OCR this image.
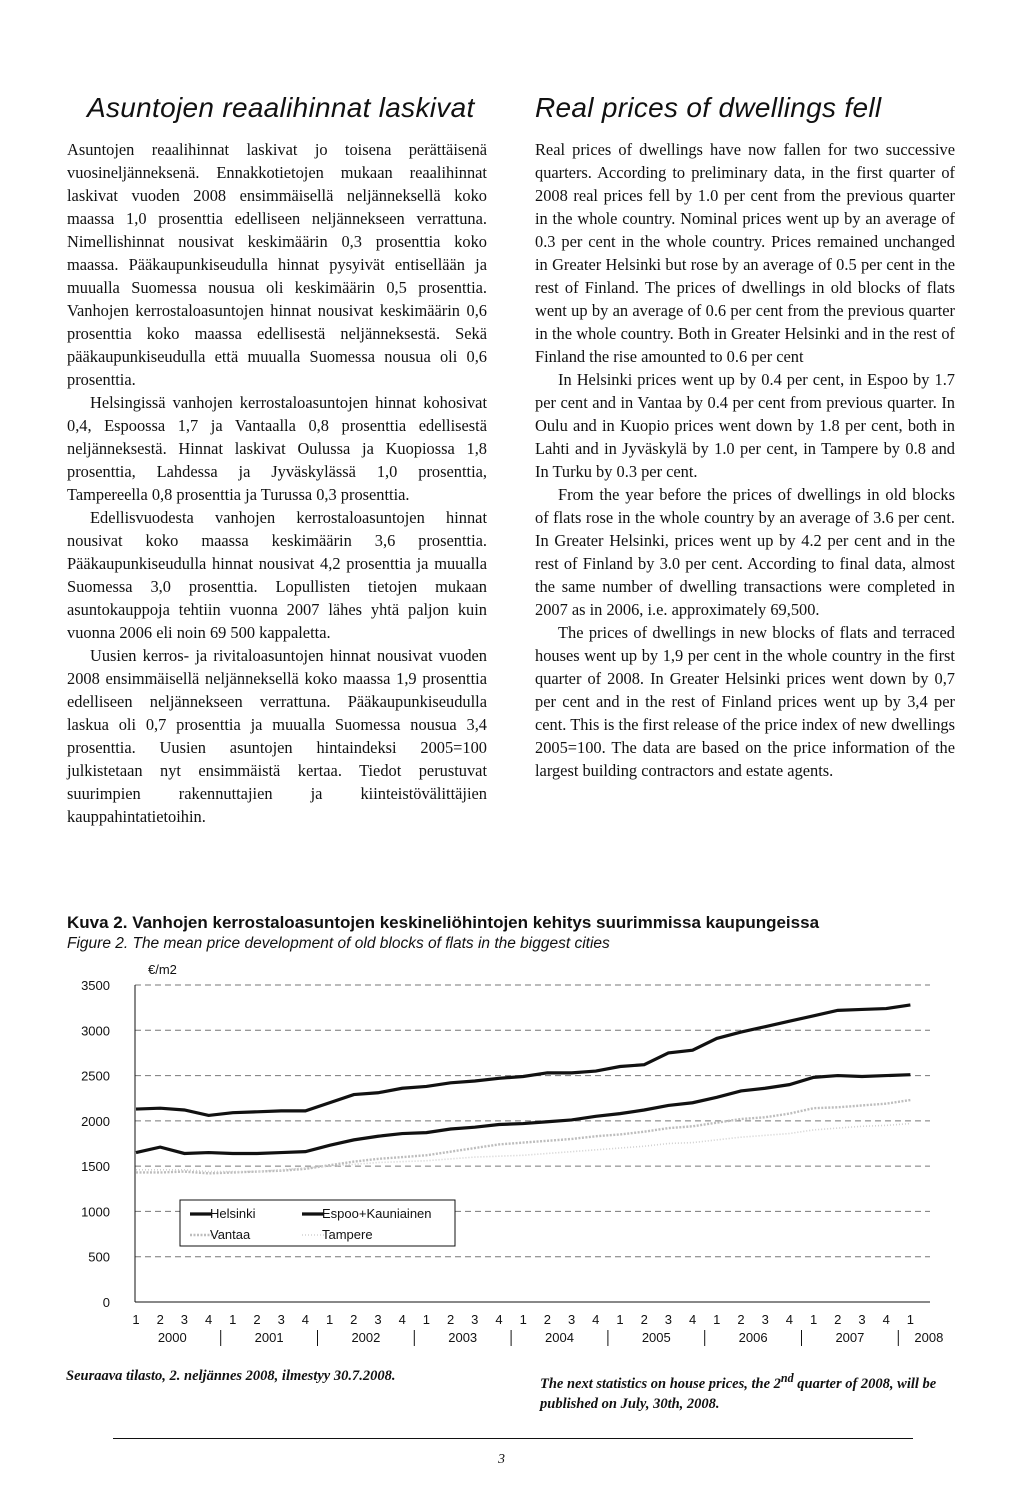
Asuntojen reaalihinnat laskivat

Asuntojen reaalihinnat laskivat jo toisena perättäisenä vuosineljänneksenä. Ennakkotietojen mukaan reaalihinnat laskivat vuoden 2008 ensimmäisellä neljänneksellä koko maassa 1,0 prosenttia edelliseen neljännekseen verrattuna. Nimellishinnat nousivat keskimäärin 0,3 prosenttia koko maassa. Pääkaupunkiseudulla hinnat pysyivät entisellään ja muualla Suomessa nousua oli keskimäärin 0,5 prosenttia. Vanhojen kerrostaloasuntojen hinnat nousivat keskimäärin 0,6 prosenttia koko maassa edellisestä neljänneksestä. Sekä pääkaupunkiseudulla että muualla Suomessa nousua oli 0,6 prosenttia.

Helsingissä vanhojen kerrostaloasuntojen hinnat kohosivat 0,4, Espoossa 1,7 ja Vantaalla 0,8 prosenttia edellisestä neljänneksestä. Hinnat laskivat Oulussa ja Kuopiossa 1,8 prosenttia, Lahdessa ja Jyväskylässä 1,0 prosenttia, Tampereella 0,8 prosenttia ja Turussa 0,3 prosenttia.

Edellisvuodesta vanhojen kerrostaloasuntojen hinnat nousivat koko maassa keskimäärin 3,6 prosenttia. Pääkaupunkiseudulla hinnat nousivat 4,2 prosenttia ja muualla Suomessa 3,0 prosenttia. Lopullisten tietojen mukaan asuntokauppoja tehtiin vuonna 2007 lähes yhtä paljon kuin vuonna 2006 eli noin 69 500 kappaletta.

Uusien kerros- ja rivitaloasuntojen hinnat nousivat vuoden 2008 ensimmäisellä neljänneksellä koko maassa 1,9 prosenttia edelliseen neljännekseen verrattuna. Pääkaupunkiseudulla laskua oli 0,7 prosenttia ja muualla Suomessa nousua 3,4 prosenttia. Uusien asuntojen hintaindeksi 2005=100 julkistetaan nyt ensimmäistä kertaa. Tiedot perustuvat suurimpien rakennuttajien ja kiinteistövälittäjien kauppahintatietoihin.

Real prices of dwellings fell

Real prices of dwellings have now fallen for two successive quarters. According to preliminary data, in the first quarter of 2008 real prices fell by 1.0 per cent from the previous quarter in the whole country. Nominal prices went up by an average of 0.3 per cent in the whole country. Prices remained unchanged in Greater Helsinki but rose by an average of 0.5 per cent in the rest of Finland. The prices of dwellings in old blocks of flats went up by an average of 0.6 per cent from the previous quarter in the whole country. Both in Greater Helsinki and in the rest of Finland the rise amounted to 0.6 per cent

In Helsinki prices went up by 0.4 per cent, in Espoo by 1.7 per cent and in Vantaa by 0.4 per cent from previous quarter. In Oulu and in Kuopio prices went down by 1.8 per cent, both in Lahti and in Jyväskylä by 1.0 per cent, in Tampere by 0.8 and In Turku by 0.3 per cent.

From the year before the prices of dwellings in old blocks of flats rose in the whole country by an average of 3.6 per cent. In Greater Helsinki, prices went up by 4.2 per cent and in the rest of Finland by 3.0 per cent. According to final data, almost the same number of dwelling transactions were completed in 2007 as in 2006, i.e. approximately 69,500.

The prices of dwellings in new blocks of flats and terraced houses went up by 1,9 per cent in the whole country in the first quarter of 2008. In Greater Helsinki prices went down by 0,7 per cent and in the rest of Finland prices went up by 3,4 per cent. This is the first release of the price index of new dwellings 2005=100. The data are based on the price information of the largest building contractors and estate agents.

Kuva 2. Vanhojen kerrostaloasuntojen keskineliöhintojen kehitys suurimmissa kaupungeissa
Figure 2. The mean price development of old blocks of flats in the biggest cities
0
500
1000
1500
2000
2500
3000
3500
€/m2
1 2 3 4 1 2 3 4 1 2 3 4 1 2 3 4 1 2 3 4 1 2 3 4 1 2 3 4 1 2 3 4 1
2000	2001	2002	2003	2004	2005	2006	2007	2008
Helsinki	Espoo+Kauniainen
Vantaa	Tampere
Seuraava tilasto, 2. neljännes 2008, ilmestyy 30.7.2008.	The next statistics on house prices, the 2nd quarter of 2008, will be published on July, 30th, 2008.
3
